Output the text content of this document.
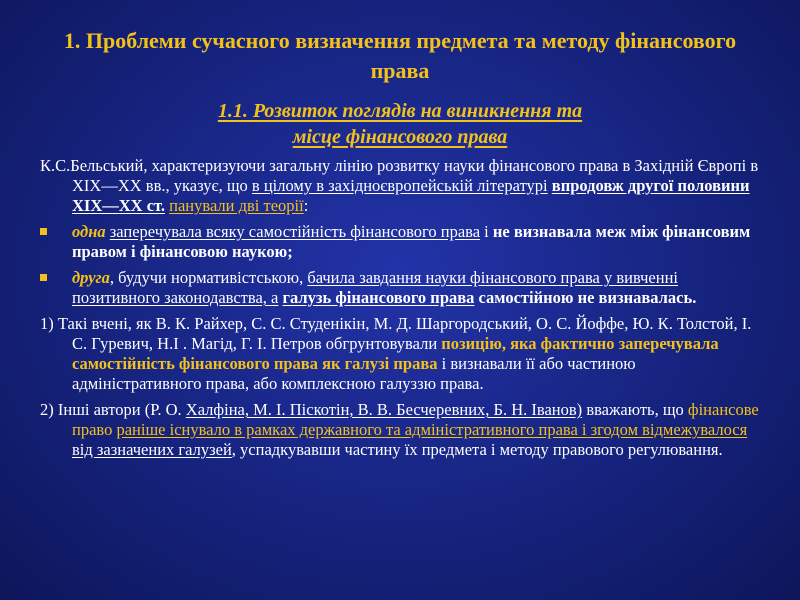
1. Проблеми сучасного визначення предмета та методу фінансового права
1.1. Розвиток поглядів на виникнення та
місце фінансового права

К.С.Бельський, характеризуючи загальну лінію розвитку науки фінансового права в Західній Європі в XIX—XX вв., указує, що в цілому в західноєвропейській літературі впродовж другої половини XIX—XX ст. панували дві теорії:

одна заперечувала всяку самостійність фінансового права і не визнавала меж між фінансовим правом і фінансовою наукою;
друга, будучи нормативістською, бачила завдання науки фінансового права у вивченні позитивного законодавства, а галузь фінансового права самостійною не визнавалась.

1) Такі вчені, як В. К. Райхер, С. С. Студенікін, М. Д. Шаргородський, О. С. Йоффе, Ю. К. Толстой, І. С. Гуревич, Н.І . Магід, Г. І. Петров обгрунтовували позицію, яка фактично заперечувала самостійність фінансового права як галузі права і визнавали її або частиною адміністративного права, або комплексною галуззю права.

2) Інші автори (Р. О. Халфіна, М. І. Піскотін, В. В. Бесчеревних, Б. Н. Іванов) вважають, що фінансове право раніше існувало в рамках державного та адміністративного права і згодом відмежувалося від зазначених галузей, успадкувавши частину їх предмета і методу правового регулювання.
